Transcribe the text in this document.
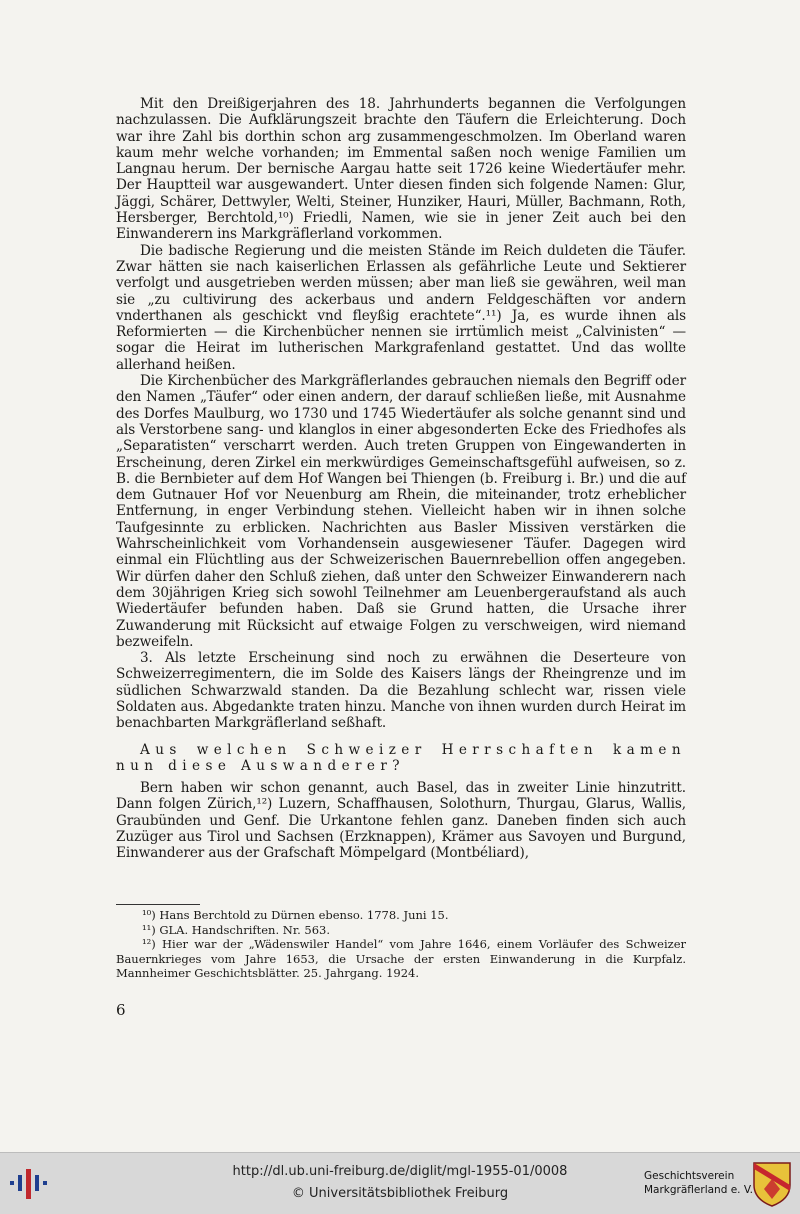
Mit den Dreißigerjahren des 18. Jahrhunderts begannen die Verfolgungen nachzulassen. Die Aufklärungszeit brachte den Täufern die Erleichterung. Doch war ihre Zahl bis dorthin schon arg zusammengeschmolzen. Im Oberland waren kaum mehr welche vorhanden; im Emmental saßen noch wenige Familien um Langnau herum. Der bernische Aargau hatte seit 1726 keine Wiedertäufer mehr. Der Hauptteil war ausgewandert. Unter diesen finden sich folgende Namen: Glur, Jäggi, Schärer, Dettwyler, Welti, Steiner, Hunziker, Hauri, Müller, Bachmann, Roth, Hersberger, Berchtold,¹⁰) Friedli, Namen, wie sie in jener Zeit auch bei den Einwanderern ins Markgräflerland vorkommen.

Die badische Regierung und die meisten Stände im Reich duldeten die Täufer. Zwar hätten sie nach kaiserlichen Erlassen als gefährliche Leute und Sektierer verfolgt und ausgetrieben werden müssen; aber man ließ sie gewähren, weil man sie „zu cultivirung des ackerbaus und andern Feldgeschäften vor andern vnderthanen als geschickt vnd fleyßig erachtete“.¹¹) Ja, es wurde ihnen als Reformierten — die Kirchenbücher nennen sie irrtümlich meist „Calvinisten“ — sogar die Heirat im lutherischen Markgrafenland gestattet. Und das wollte allerhand heißen.

Die Kirchenbücher des Markgräflerlandes gebrauchen niemals den Begriff oder den Namen „Täufer“ oder einen andern, der darauf schließen ließe, mit Ausnahme des Dorfes Maulburg, wo 1730 und 1745 Wiedertäufer als solche genannt sind und als Verstorbene sang- und klanglos in einer abgesonderten Ecke des Friedhofes als „Separatisten“ verscharrt werden. Auch treten Gruppen von Eingewanderten in Erscheinung, deren Zirkel ein merkwürdiges Gemeinschaftsgefühl aufweisen, so z. B. die Bernbieter auf dem Hof Wangen bei Thiengen (b. Freiburg i. Br.) und die auf dem Gutnauer Hof vor Neuenburg am Rhein, die miteinander, trotz erheblicher Entfernung, in enger Verbindung stehen. Vielleicht haben wir in ihnen solche Taufgesinnte zu erblicken. Nachrichten aus Basler Missiven verstärken die Wahrscheinlichkeit vom Vorhandensein ausgewiesener Täufer. Dagegen wird einmal ein Flüchtling aus der Schweizerischen Bauernrebellion offen angegeben. Wir dürfen daher den Schluß ziehen, daß unter den Schweizer Einwanderern nach dem 30jährigen Krieg sich sowohl Teilnehmer am Leuenbergeraufstand als auch Wiedertäufer befunden haben. Daß sie Grund hatten, die Ursache ihrer Zuwanderung mit Rücksicht auf etwaige Folgen zu verschweigen, wird niemand bezweifeln.

3. Als letzte Erscheinung sind noch zu erwähnen die Deserteure von Schweizerregimentern, die im Solde des Kaisers längs der Rheingrenze und im südlichen Schwarzwald standen. Da die Bezahlung schlecht war, rissen viele Soldaten aus. Abgedankte traten hinzu. Manche von ihnen wurden durch Heirat im benachbarten Markgräflerland seßhaft.

Aus welchen Schweizer Herrschaften kamen nun diese Auswanderer?

Bern haben wir schon genannt, auch Basel, das in zweiter Linie hinzutritt. Dann folgen Zürich,¹²) Luzern, Schaffhausen, Solothurn, Thurgau, Glarus, Wallis, Graubünden und Genf. Die Urkantone fehlen ganz. Daneben finden sich auch Zuzüger aus Tirol und Sachsen (Erzknappen), Krämer aus Savoyen und Burgund, Einwanderer aus der Grafschaft Mömpelgard (Montbéliard),

¹⁰) Hans Berchtold zu Dürnen ebenso. 1778. Juni 15.

¹¹) GLA. Handschriften. Nr. 563.

¹²) Hier war der „Wädenswiler Handel“ vom Jahre 1646, einem Vorläufer des Schweizer Bauernkrieges vom Jahre 1653, die Ursache der ersten Einwanderung in die Kurpfalz. Mannheimer Geschichtsblätter. 25. Jahrgang. 1924.

6
http://dl.ub.uni-freiburg.de/diglit/mgl-1955-01/0008
© Universitätsbibliothek Freiburg
Geschichtsverein
Markgräflerland e. V.
